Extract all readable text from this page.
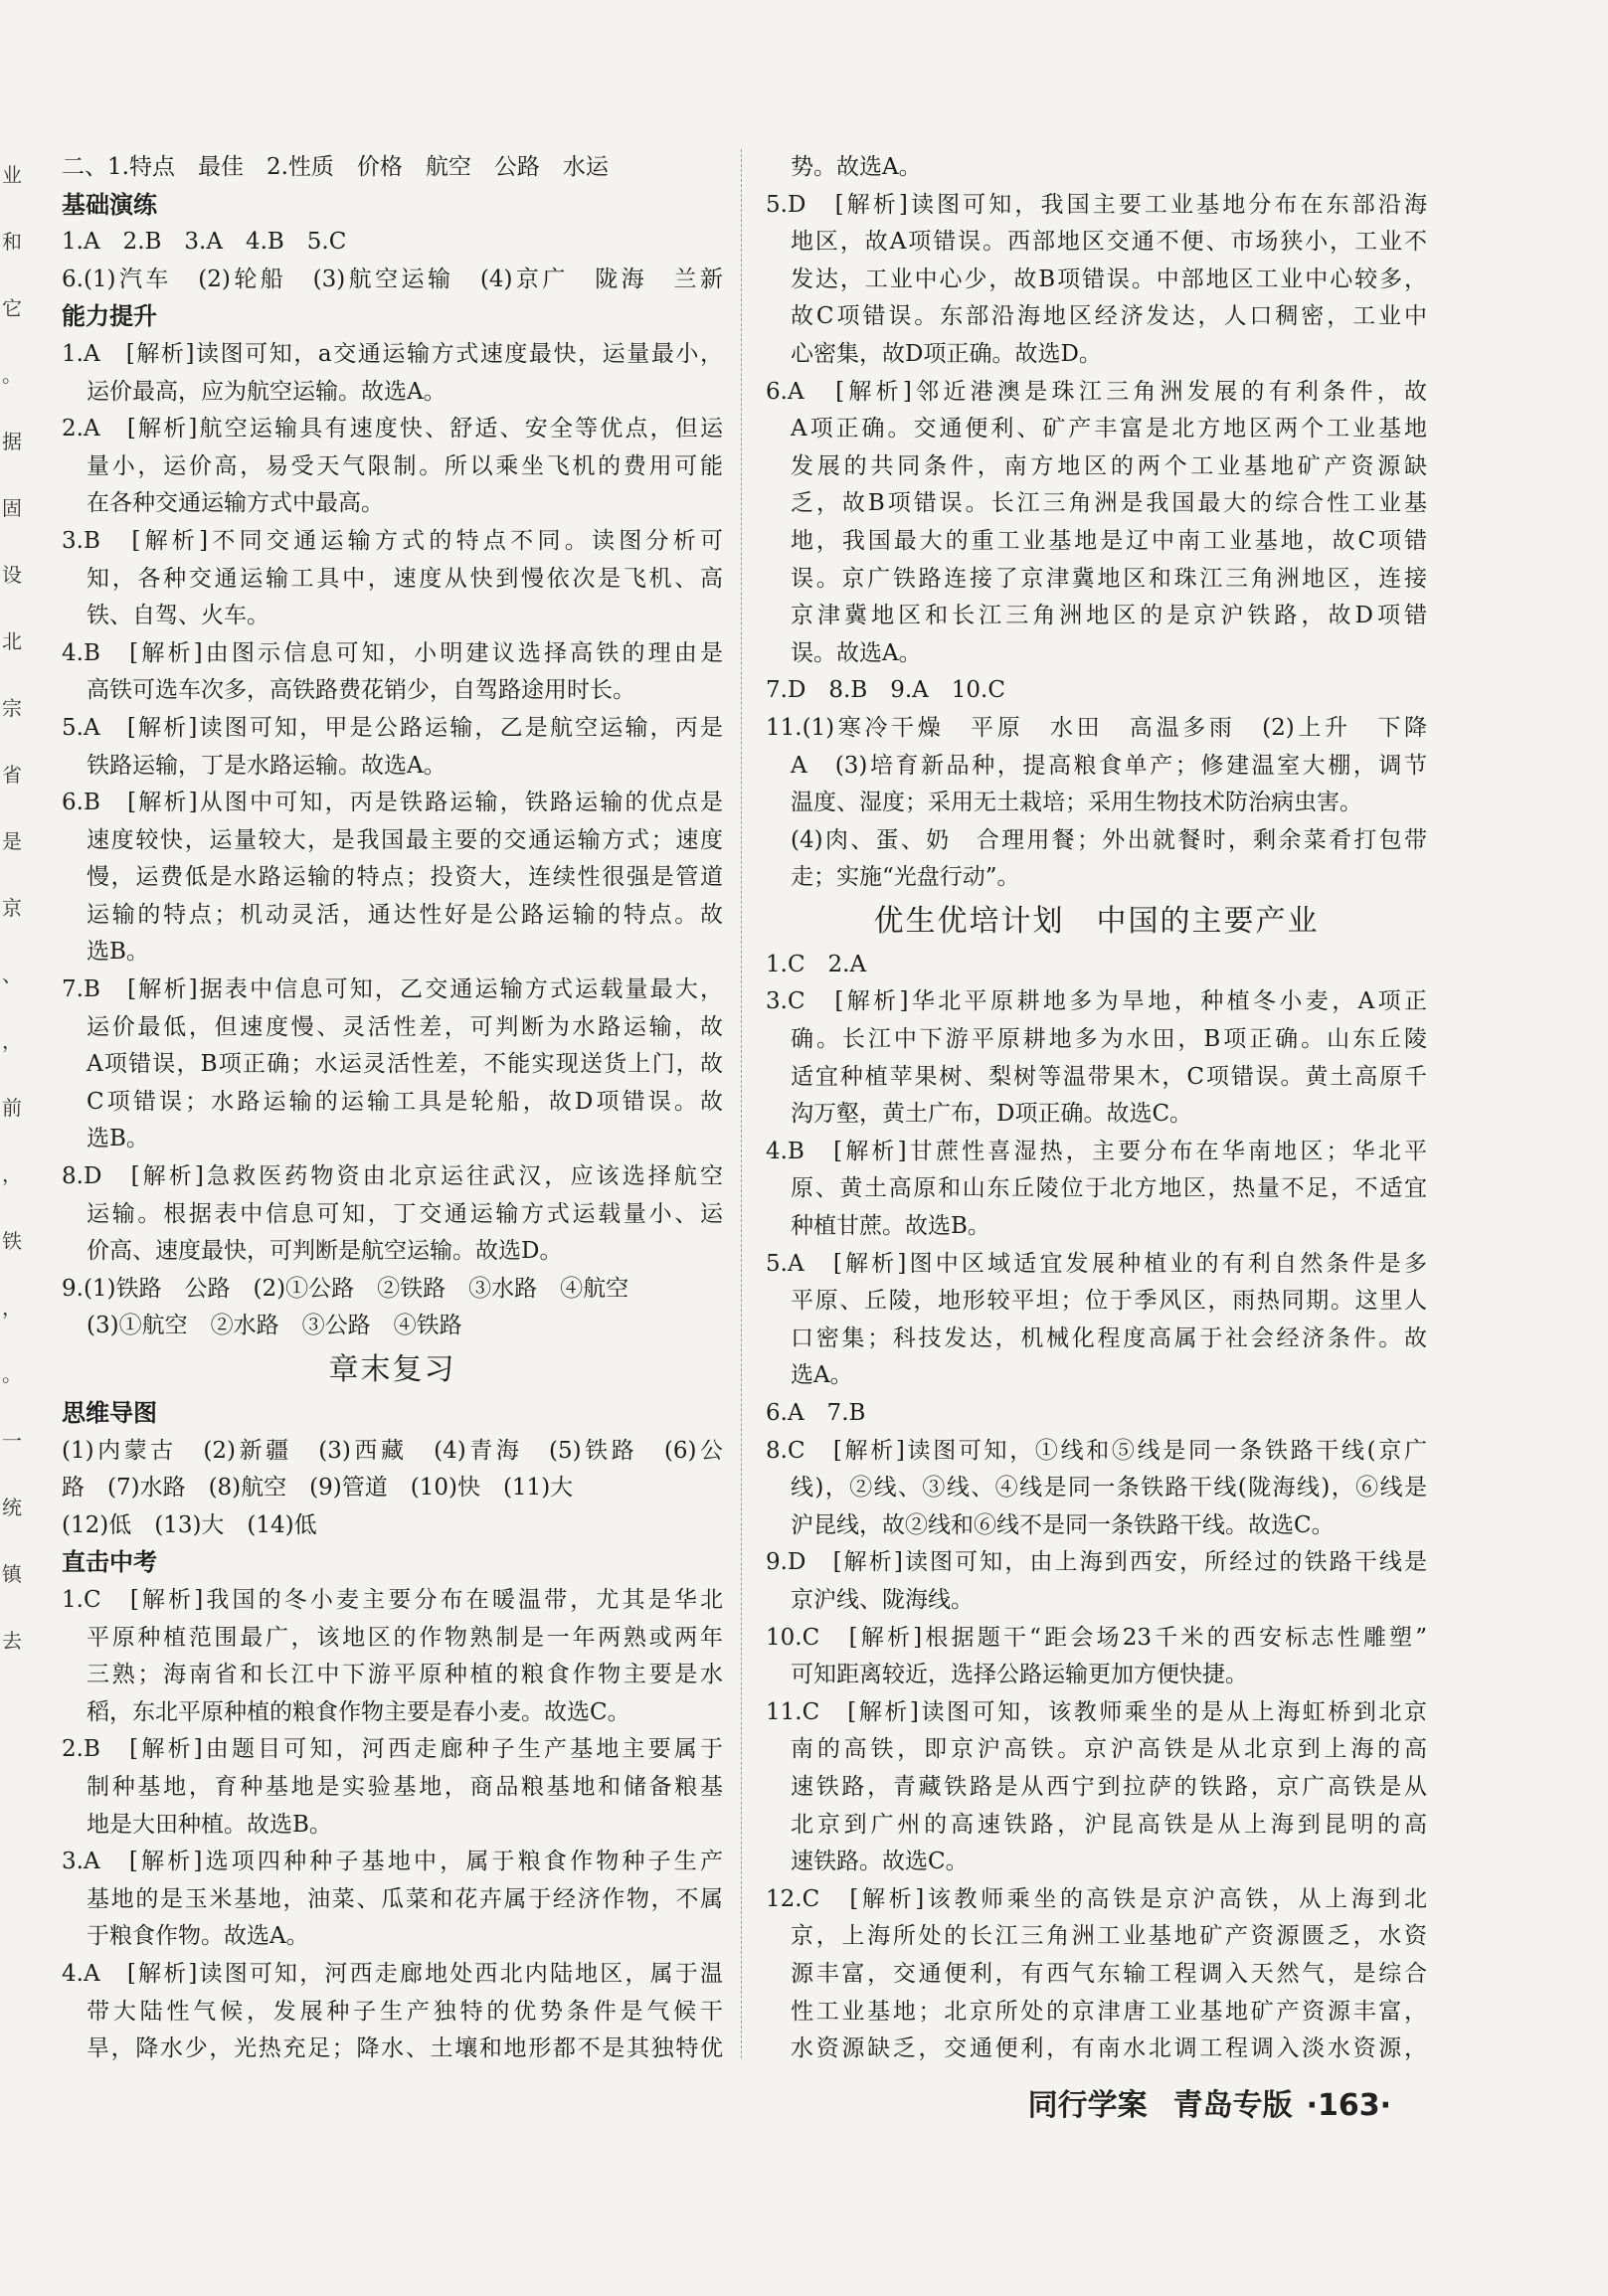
业
和
它
。
据
固
设
北
宗
省
是
京
、
，
前
，
铁
，
。
一
统
镇
去
二、1.特点　最佳　2.性质　价格　航空　公路　水运
基础演练
1.A　2.B　3.A　4.B　5.C
6.(1)汽车　(2)轮船　(3)航空运输　(4)京广　陇海　兰新
能力提升
1.A　[解析]读图可知，a交通运输方式速度最快，运量最小，
运价最高，应为航空运输。故选A。
2.A　[解析]航空运输具有速度快、舒适、安全等优点，但运
量小，运价高，易受天气限制。所以乘坐飞机的费用可能
在各种交通运输方式中最高。
3.B　[解析]不同交通运输方式的特点不同。读图分析可
知，各种交通运输工具中，速度从快到慢依次是飞机、高
铁、自驾、火车。
4.B　[解析]由图示信息可知，小明建议选择高铁的理由是
高铁可选车次多，高铁路费花销少，自驾路途用时长。
5.A　[解析]读图可知，甲是公路运输，乙是航空运输，丙是
铁路运输，丁是水路运输。故选A。
6.B　[解析]从图中可知，丙是铁路运输，铁路运输的优点是
速度较快，运量较大，是我国最主要的交通运输方式；速度
慢，运费低是水路运输的特点；投资大，连续性很强是管道
运输的特点；机动灵活，通达性好是公路运输的特点。故
选B。
7.B　[解析]据表中信息可知，乙交通运输方式运载量最大，
运价最低，但速度慢、灵活性差，可判断为水路运输，故
A项错误，B项正确；水运灵活性差，不能实现送货上门，故
C项错误；水路运输的运输工具是轮船，故D项错误。故
选B。
8.D　[解析]急救医药物资由北京运往武汉，应该选择航空
运输。根据表中信息可知，丁交通运输方式运载量小、运
价高、速度最快，可判断是航空运输。故选D。
9.(1)铁路　公路　(2)①公路　②铁路　③水路　④航空
(3)①航空　②水路　③公路　④铁路
章末复习
思维导图
(1)内蒙古　(2)新疆　(3)西藏　(4)青海　(5)铁路　(6)公
路　(7)水路　(8)航空　(9)管道　(10)快　(11)大
(12)低　(13)大　(14)低
直击中考
1.C　[解析]我国的冬小麦主要分布在暖温带，尤其是华北
平原种植范围最广，该地区的作物熟制是一年两熟或两年
三熟；海南省和长江中下游平原种植的粮食作物主要是水
稻，东北平原种植的粮食作物主要是春小麦。故选C。
2.B　[解析]由题目可知，河西走廊种子生产基地主要属于
制种基地，育种基地是实验基地，商品粮基地和储备粮基
地是大田种植。故选B。
3.A　[解析]选项四种种子基地中，属于粮食作物种子生产
基地的是玉米基地，油菜、瓜菜和花卉属于经济作物，不属
于粮食作物。故选A。
4.A　[解析]读图可知，河西走廊地处西北内陆地区，属于温
带大陆性气候，发展种子生产独特的优势条件是气候干
旱，降水少，光热充足；降水、土壤和地形都不是其独特优
势。故选A。
5.D　[解析]读图可知，我国主要工业基地分布在东部沿海
地区，故A项错误。西部地区交通不便、市场狭小，工业不
发达，工业中心少，故B项错误。中部地区工业中心较多，
故C项错误。东部沿海地区经济发达，人口稠密，工业中
心密集，故D项正确。故选D。
6.A　[解析]邻近港澳是珠江三角洲发展的有利条件，故
A项正确。交通便利、矿产丰富是北方地区两个工业基地
发展的共同条件，南方地区的两个工业基地矿产资源缺
乏，故B项错误。长江三角洲是我国最大的综合性工业基
地，我国最大的重工业基地是辽中南工业基地，故C项错
误。京广铁路连接了京津冀地区和珠江三角洲地区，连接
京津冀地区和长江三角洲地区的是京沪铁路，故D项错
误。故选A。
7.D　8.B　9.A　10.C
11.(1)寒冷干燥　平原　水田　高温多雨　(2)上升　下降
A　(3)培育新品种，提高粮食单产；修建温室大棚，调节
温度、湿度；采用无土栽培；采用生物技术防治病虫害。
(4)肉、蛋、奶　合理用餐；外出就餐时，剩余菜肴打包带
走；实施“光盘行动”。
优生优培计划　中国的主要产业
1.C　2.A
3.C　[解析]华北平原耕地多为旱地，种植冬小麦，A项正
确。长江中下游平原耕地多为水田，B项正确。山东丘陵
适宜种植苹果树、梨树等温带果木，C项错误。黄土高原千
沟万壑，黄土广布，D项正确。故选C。
4.B　[解析]甘蔗性喜湿热，主要分布在华南地区；华北平
原、黄土高原和山东丘陵位于北方地区，热量不足，不适宜
种植甘蔗。故选B。
5.A　[解析]图中区域适宜发展种植业的有利自然条件是多
平原、丘陵，地形较平坦；位于季风区，雨热同期。这里人
口密集；科技发达，机械化程度高属于社会经济条件。故
选A。
6.A　7.B
8.C　[解析]读图可知，①线和⑤线是同一条铁路干线(京广
线)，②线、③线、④线是同一条铁路干线(陇海线)，⑥线是
沪昆线，故②线和⑥线不是同一条铁路干线。故选C。
9.D　[解析]读图可知，由上海到西安，所经过的铁路干线是
京沪线、陇海线。
10.C　[解析]根据题干“距会场23千米的西安标志性雕塑”
可知距离较近，选择公路运输更加方便快捷。
11.C　[解析]读图可知，该教师乘坐的是从上海虹桥到北京
南的高铁，即京沪高铁。京沪高铁是从北京到上海的高
速铁路，青藏铁路是从西宁到拉萨的铁路，京广高铁是从
北京到广州的高速铁路，沪昆高铁是从上海到昆明的高
速铁路。故选C。
12.C　[解析]该教师乘坐的高铁是京沪高铁，从上海到北
京，上海所处的长江三角洲工业基地矿产资源匮乏，水资
源丰富，交通便利，有西气东输工程调入天然气，是综合
性工业基地；北京所处的京津唐工业基地矿产资源丰富，
水资源缺乏，交通便利，有南水北调工程调入淡水资源，
同行学案 青岛专版 ·163·
